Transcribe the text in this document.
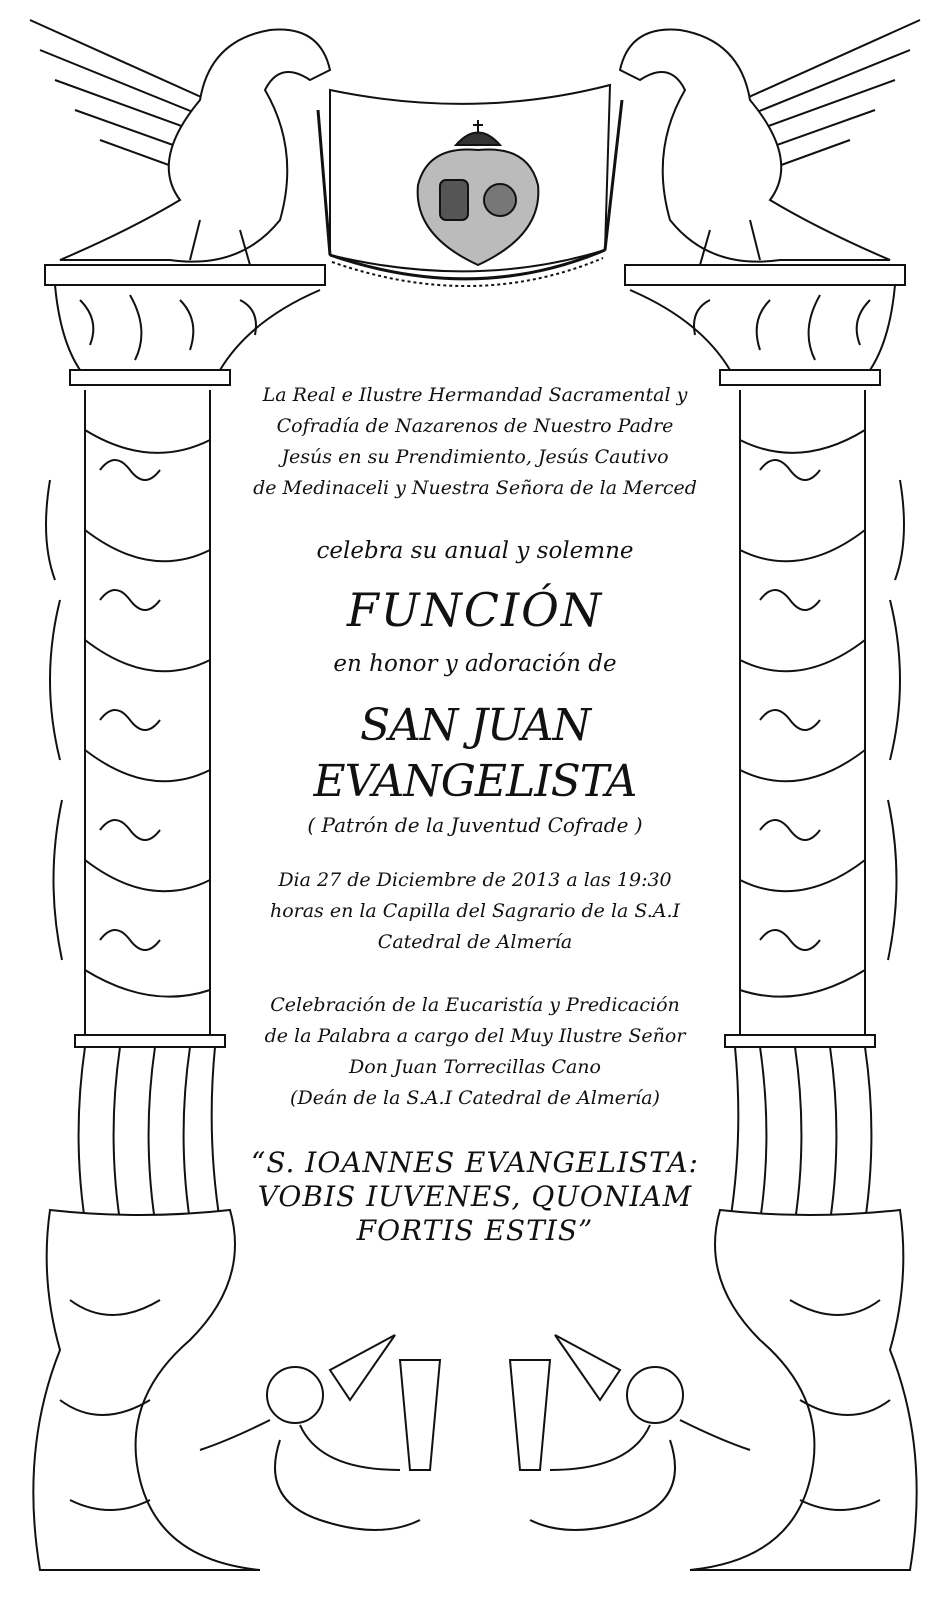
La Real e Ilustre Hermandad Sacramental y

Cofradía de Nazarenos de Nuestro Padre

Jesús en su Prendimiento, Jesús Cautivo

de Medinaceli y Nuestra Señora de la Merced

celebra su anual y solemne

FUNCIÓN

en honor y adoración de

SAN JUAN EVANGELISTA

( Patrón de la Juventud Cofrade )

Dia 27 de Diciembre de 2013 a las 19:30

horas en la Capilla del Sagrario de la S.A.I

Catedral de Almería

Celebración de la Eucaristía y Predicación

de la Palabra a cargo del Muy Ilustre Señor

Don Juan Torrecillas Cano

(Deán de la S.A.I Catedral de Almería)

“S. IOANNES EVANGELISTA:

VOBIS IUVENES, QUONIAM

FORTIS ESTIS”
